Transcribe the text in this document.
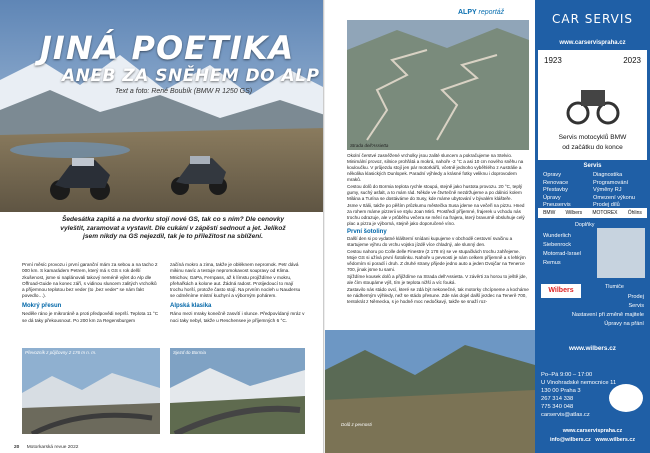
JINÁ POETIKA
ANEB ZA SNĚHEM DO ALP
Text a foto: René Boubík (BMW R 1250 GS)
Šedesátka zapitá a na dvorku stojí nové GS, tak co s ním? Dle cenovky vyleštit, zaramovat a vystavit. Dle cukání v zápěstí sednout a jet. Jelikož jsem nikdy na GS nejezdil, tak je to příležitost na sblížení.

První měsíc provozu i první garanční mám za sebou a na tacho 2 000 km. S kamarádem Petrem, který má s GS s rok delší zkušenost, jsme si naplánovali takový neméně výlet do Alp dle Offroad-Guide na konec září, s vidinou sluncem zalitých vrcholků a příjemnou teplotou bez veder (to ,bez veder" se nám fakt povedlo…).

Mokrý přesun

Neděle ráno je mikroráně a proti předpovědi neprší. Teplota 11 °C se dá taky překousnout. Po 200 km za Regensburgem

začíná mokro a zima, takže je obléknem nepromok. Petr dává mikinu navíc a testuje nepromokavost soupravy od Klima. Mnichov, GaPa, Fernpass, až k límstu projíždíme v mokru, přehařkách a kolone aut. Žádná radost. Protijedoucí to mají trochu horší, protože často stojí. Na prvním nocleh u Naudersu se odměníme místní kuchyní a výborným pohárem.

Alpská klasika

Ráno mezi mraky konečně zasvítí i slunce. Předpovídaný mráz v noci taky nebyl, takže u Reschensee je příjemných 6 °C.

Převozník z půjčovny 2 176 m n. m.	Sjezd do Bormia
20 Motorkarská revue 2022
Strada dell'Assietta
ALPY reportáž

Okolní čerstvé zasněžené vrcholky jsou zalité sluncem a pokračujeme na Stelvio. Minimální provoz, silnice prohřátá a mokrá, nahoře -2 °C a asi 10 cm nového sněhu na kouloučku. V průjezdu stojí jen pár motorkářů, včetně jednoho vyběhlého z Austrálie a několika klasických Dunlopek. Paradní výhledy a krásné fotky veliknu i doprovodem mraků.

Cestou dolů do Bormia teplota rychle stoupá, stejně jako hustota provozu. 20 °C, teplý gumy, suchý asfalt, a to mám rád. Někde ve čtvrtečně nezdržujeme a po dálnici kolem Milána a Turína se dostáváme do Susy, kde máme ubytování v bývalém klášteře.

Jsme v Itálii, takže po pěším průzkumu městečka Susa jdeme na večeři na pizzu. Hned za rohem máme pizzerii ve stylu Joan Miró. Prostředí příjemné, frajerek u vchodu nás trochu odrazuje, ale v průběhu večera se mění na frajera, který bravurně obsluhuje celý plac a pizza je výborná, stejně jako doporučené víno.

První šotoliny

Další den si po vydatné klášterní snídani kupujeme v obchodě cestovní svačinu a startujeme výhru do vrchu vojsko jízdě více chladný, ale slunný den.

Cestou nahoru po Colle delle Finestre (2 178 m) se ve stupačkách trochu zahřejeme. Moje GS si užívá první šotolinku. Nahoře u pevnosti je nám celkem příjemně a s lehkým vědomím si poradí i druh. Z druhé strany přijede jedno auto a jeden Dvojčar na Tenerce 700, jinak jsme tu sami.

Sjíždíme kousek dolů a přijíždíme na Strada dell'Assietta. V závěrti za horou to ještě jde, ale čím stoupáme výš, tím je teplota nižší a víc fouká.

Zastavilo nás stádo ovcí, které se zdá být nekonečné, tak motorky chcípneme a kocháme se nádherným výhledy, než se stádo přesune. Zde nás dojel další jezdec na Tenerě 700, tentokrát z Německa, s je hodně moc nedočkavý, takže se snaží roz-

Dolů z pevnosti
CAR SERVIS
www.carservispraha.cz
1923	2023
Servis motocyklů BMW
od začátku do konce
Servis
Opravy
Renovace
Přestavby
Úpravy
Pneuservis
Diagnostika
Programování
Výměny RJ
Omezení výkonu
Prodej dílů
BMW Wilbers MOTOREX Öhlins
Doplňky
Wunderlich
Siebenrock
Motorrad-Israel
Remus
Wilbers	Tlumiče
Prodej
Servis
Nastavení při změně majitele
Úpravy na přání
www.wilbers.cz
Po–Pá 9:00 – 17:00
U Vinohradské nemocnice 11
130 00 Praha 3
267 314 338
775 340 048
carservis@atlas.cz
www.carservispraha.cz
info@wilbers.cz www.wilbers.cz
